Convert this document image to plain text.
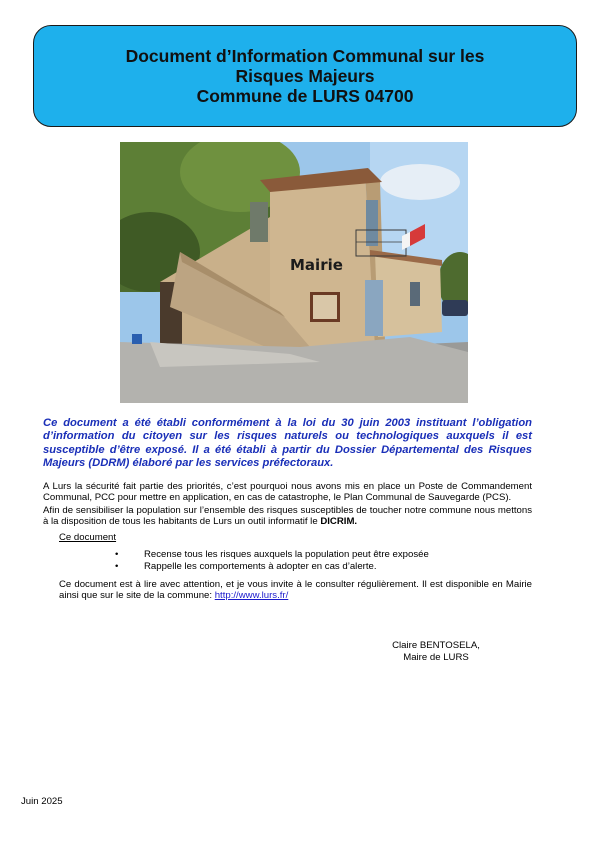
Document d’Information Communal sur les
Risques Majeurs
Commune de LURS 04700
Mairie
Ce document a été établi conformément à la loi du 30 juin 2003 instituant l’obligation d’information du citoyen sur les risques naturels ou technologiques auxquels il est susceptible d’être exposé. Il a été établi à partir du Dossier Départemental des Risques Majeurs (DDRM) élaboré par les services préfectoraux.

A Lurs la sécurité fait partie des priorités, c’est pourquoi nous avons mis en place un Poste de Commandement Communal, PCC pour mettre en application, en cas de catastrophe, le Plan Communal de Sauvegarde (PCS).

Afin de sensibiliser la population sur l’ensemble des risques susceptibles de toucher notre commune nous mettons à la disposition de tous les habitants de Lurs un outil informatif le DICRIM.

Ce document

• Recense tous les risques auxquels la population peut être exposée
• Rappelle les comportements à adopter en cas d’alerte.

Ce document est à lire avec attention, et je vous invite à le consulter régulièrement. Il est disponible en Mairie ainsi que sur le site de la commune: http://www.lurs.fr/

Claire BENTOSELA,
Maire de LURS
Juin 2025
